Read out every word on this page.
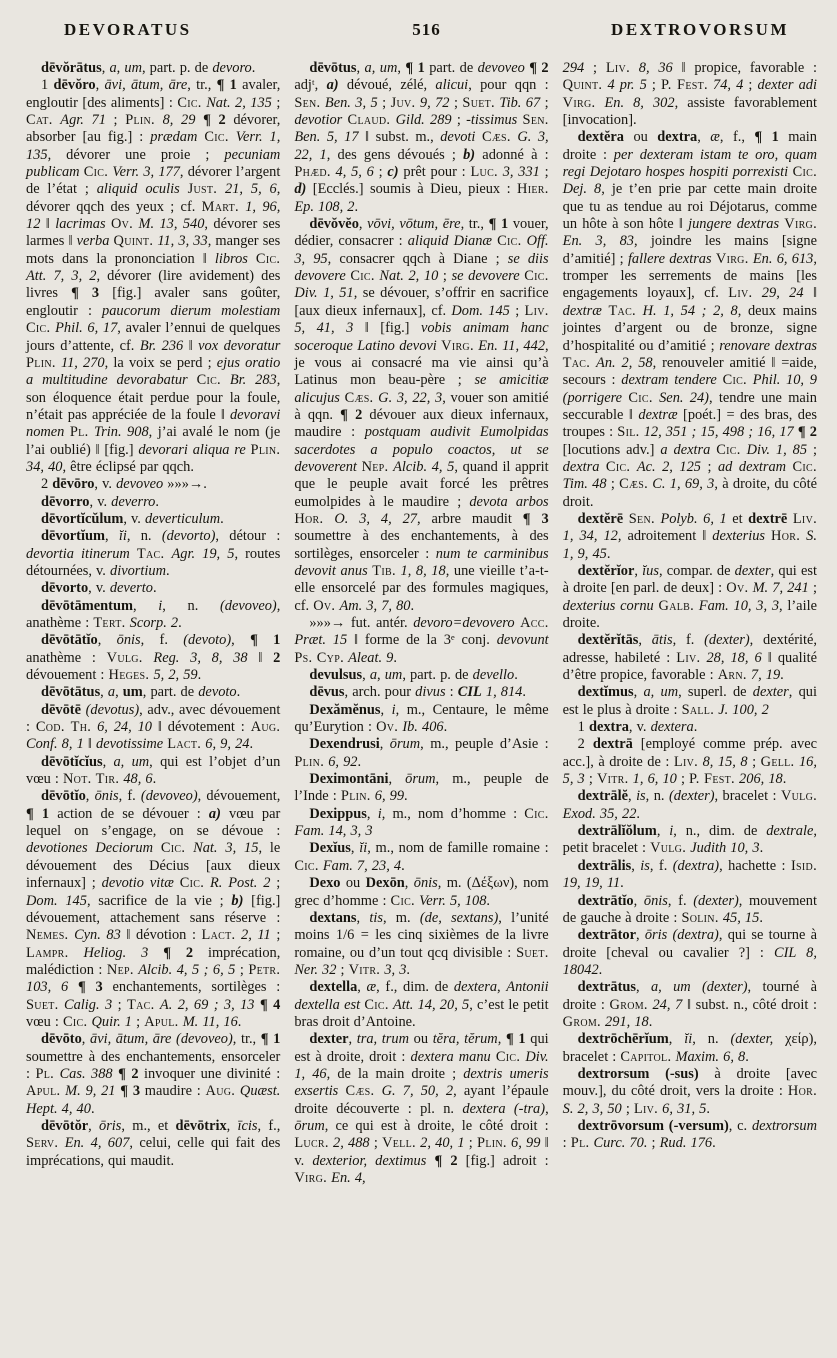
DEVORATUS	516	DEXTROVORSUM

dēvŏrātus, a, um, part. p. de devoro.

1 dēvŏro, āvi, ātum, āre, tr., ¶ 1 avaler, engloutir [des aliments] : Cic. Nat. 2, 135 ; Cat. Agr. 71 ; Plin. 8, 29 ¶ 2 dévorer, absorber [au fig.] : prædam Cic. Verr. 1, 135, dévorer une proie ; pecuniam publicam Cic. Verr. 3, 177, dévorer l’argent de l’état ; aliquid oculis Just. 21, 5, 6, dévorer qqch des yeux ; cf. Mart. 1, 96, 12 ‖ lacrimas Ov. M. 13, 540, dévorer ses larmes ‖ verba Quint. 11, 3, 33, manger ses mots dans la prononciation ‖ libros Cic. Att. 7, 3, 2, dévorer (lire avidement) des livres ¶ 3 [fig.] avaler sans goûter, engloutir : paucorum dierum molestiam Cic. Phil. 6, 17, avaler l’ennui de quelques jours d’attente, cf. Br. 236 ‖ vox devoratur Plin. 11, 270, la voix se perd ; ejus oratio a multitudine devorabatur Cic. Br. 283, son éloquence était perdue pour la foule, n’était pas appréciée de la foule ‖ devoravi nomen Pl. Trin. 908, j’ai avalé le nom (je l’ai oublié) ‖ [fig.] devorari aliqua re Plin. 34, 40, être éclipsé par qqch.

2 dēvōro, v. devoveo »»»→.

dēvorro, v. deverro.

dēvortĭcŭlum, v. deverticulum.

dēvortĭum, ĭi, n. (devorto), détour : devortia itinerum Tac. Agr. 19, 5, routes détournées, v. divortium.

dēvorto, v. deverto.

dēvōtāmentum, i, n. (devoveo), anathème : Tert. Scorp. 2.

dēvōtātĭo, ōnis, f. (devoto), ¶ 1 anathème : Vulg. Reg. 3, 8, 38 ‖ 2 dévouement : Heges. 5, 2, 59.

dēvōtātus, a, um, part. de devoto.

dēvōtē (devotus), adv., avec dévouement : Cod. Th. 6, 24, 10 ‖ dévotement : Aug. Conf. 8, 1 ‖ devotissime Lact. 6, 9, 24.

dēvōtĭcĭus, a, um, qui est l’objet d’un vœu : Not. Tir. 48, 6.

dēvōtĭo, ōnis, f. (devoveo), dévouement, ¶ 1 action de se dévouer : a) vœu par lequel on s’engage, on se dévoue : devotiones Deciorum Cic. Nat. 3, 15, le dévouement des Décius [aux dieux infernaux] ; devotio vitæ Cic. R. Post. 2 ; Dom. 145, sacrifice de la vie ; b) [fig.] dévouement, attachement sans réserve : Nemes. Cyn. 83 ‖ dévotion : Lact. 2, 11 ; Lampr. Heliog. 3 ¶ 2 imprécation, malédiction : Nep. Alcib. 4, 5 ; 6, 5 ; Petr. 103, 6 ¶ 3 enchantements, sortilèges : Suet. Calig. 3 ; Tac. A. 2, 69 ; 3, 13 ¶ 4 vœu : Cic. Quir. 1 ; Apul. M. 11, 16.

dēvōto, āvi, ātum, āre (devoveo), tr., ¶ 1 soumettre à des enchantements, ensorceler : Pl. Cas. 388 ¶ 2 invoquer une divinité : Apul. M. 9, 21 ¶ 3 maudire : Aug. Quæst. Hept. 4, 40.

dēvōtŏr, ōris, m., et dēvōtrix, īcis, f., Serv. En. 4, 607, celui, celle qui fait des imprécations, qui maudit.

dēvōtus, a, um, ¶ 1 part. de devoveo ¶ 2 adjᵗ, a) dévoué, zélé, alicui, pour qqn : Sen. Ben. 3, 5 ; Juv. 9, 72 ; Suet. Tib. 67 ; devotior Claud. Gild. 289 ; -tissimus Sen. Ben. 5, 17 ‖ subst. m., devoti Cæs. G. 3, 22, 1, des gens dévoués ; b) adonné à : Phæd. 4, 5, 6 ; c) prêt pour : Luc. 3, 331 ; d) [Ecclés.] soumis à Dieu, pieux : Hier. Ep. 108, 2.

dēvŏvĕo, vōvi, vōtum, ēre, tr., ¶ 1 vouer, dédier, consacrer : aliquid Dianæ Cic. Off. 3, 95, consacrer qqch à Diane ; se diis devovere Cic. Nat. 2, 10 ; se devovere Cic. Div. 1, 51, se dévouer, s’offrir en sacrifice [aux dieux infernaux], cf. Dom. 145 ; Liv. 5, 41, 3 ‖ [fig.] vobis animam hanc soceroque Latino devovi Virg. En. 11, 442, je vous ai consacré ma vie ainsi qu’à Latinus mon beau-père ; se amicitiæ alicujus Cæs. G. 3, 22, 3, vouer son amitié à qqn. ¶ 2 dévouer aux dieux infernaux, maudire : postquam audivit Eumolpidas sacerdotes a populo coactos, ut se devoverent Nep. Alcib. 4, 5, quand il apprit que le peuple avait forcé les prêtres eumolpides à le maudire ; devota arbos Hor. O. 3, 4, 27, arbre maudit ¶ 3 soumettre à des enchantements, à des sortilèges, ensorceler : num te carminibus devovit anus Tib. 1, 8, 18, une vieille t’a-t-elle ensorcelé par des formules magiques, cf. Ov. Am. 3, 7, 80.

»»»→ fut. antér. devoro=devovero Acc. Præt. 15 ‖ forme de la 3ᵉ conj. devovunt Ps. Cyp. Aleat. 9.

devulsus, a, um, part. p. de devello.

dēvus, arch. pour divus : CIL 1, 814.

Dexămĕnus, i, m., Centaure, le même qu’Eurytion : Ov. Ib. 406.

Dexendrusi, ōrum, m., peuple d’Asie : Plin. 6, 92.

Deximontāni, ōrum, m., peuple de l’Inde : Plin. 6, 99.

Dexippus, i, m., nom d’homme : Cic. Fam. 14, 3, 3

Dexĭus, ĭi, m., nom de famille romaine : Cic. Fam. 7, 23, 4.

Dexo ou Dexōn, ōnis, m. (Δέξων), nom grec d’homme : Cic. Verr. 5, 108.

dextans, tis, m. (de, sextans), l’unité moins 1/6 = les cinq sixièmes de la livre romaine, ou d’un tout qcq divisible : Suet. Ner. 32 ; Vitr. 3, 3.

dextella, æ, f., dim. de dextera, Antonii dextella est Cic. Att. 14, 20, 5, c’est le petit bras droit d’Antoine.

dexter, tra, trum ou tĕra, tĕrum, ¶ 1 qui est à droite, droit : dextera manu Cic. Div. 1, 46, de la main droite ; dextris umeris exsertis Cæs. G. 7, 50, 2, ayant l’épaule droite découverte : pl. n. dextera (-tra), ōrum, ce qui est à droite, le côté droit : Lucr. 2, 488 ; Vell. 2, 40, 1 ; Plin. 6, 99 ‖ v. dexterior, dextimus ¶ 2 [fig.] adroit : Virg. En. 4,

294 ; Liv. 8, 36 ‖ propice, favorable : Quint. 4 pr. 5 ; P. Fest. 74, 4 ; dexter adi Virg. En. 8, 302, assiste favorablement [invocation].

dextĕra ou dextra, æ, f., ¶ 1 main droite : per dexteram istam te oro, quam regi Dejotaro hospes hospiti porrexisti Cic. Dej. 8, je t’en prie par cette main droite que tu as tendue au roi Déjotarus, comme un hôte à son hôte ‖ jungere dextras Virg. En. 3, 83, joindre les mains [signe d’amitié] ; fallere dextras Virg. En. 6, 613, tromper les serrements de mains [les engagements loyaux], cf. Liv. 29, 24 ‖ dextræ Tac. H. 1, 54 ; 2, 8, deux mains jointes d’argent ou de bronze, signe d’hospitalité ou d’amitié ; renovare dextras Tac. An. 2, 58, renouveler amitié ‖ =aide, secours : dextram tendere Cic. Phil. 10, 9 (porrigere Cic. Sen. 24), tendre une main seccurable ‖ dextræ [poét.] = des bras, des troupes : Sil. 12, 351 ; 15, 498 ; 16, 17 ¶ 2 [locutions adv.] a dextra Cic. Div. 1, 85 ; dextra Cic. Ac. 2, 125 ; ad dextram Cic. Tim. 48 ; Cæs. C. 1, 69, 3, à droite, du côté droit.

dextĕrē Sen. Polyb. 6, 1 et dextrē Liv. 1, 34, 12, adroitement ‖ dexterius Hor. S. 1, 9, 45.

dextĕrĭor, ĭus, compar. de dexter, qui est à droite [en parl. de deux] : Ov. M. 7, 241 ; dexterius cornu Galb. Fam. 10, 3, 3, l’aile droite.

dextĕrĭtās, ātis, f. (dexter), dextérité, adresse, habileté : Liv. 28, 18, 6 ‖ qualité d’être propice, favorable : Arn. 7, 19.

dextĭmus, a, um, superl. de dexter, qui est le plus à droite : Sall. J. 100, 2

1 dextra, v. dextera.

2 dextrā [employé comme prép. avec acc.], à droite de : Liv. 8, 15, 8 ; Gell. 16, 5, 3 ; Vitr. 1, 6, 10 ; P. Fest. 206, 18.

dextrālĕ, is, n. (dexter), bracelet : Vulg. Exod. 35, 22.

dextrālĭŏlum, i, n., dim. de dextrale, petit bracelet : Vulg. Judith 10, 3.

dextrālis, is, f. (dextra), hachette : Isid. 19, 19, 11.

dextrātĭo, ōnis, f. (dexter), mouvement de gauche à droite : Solin. 45, 15.

dextrātor, ōris (dextra), qui se tourne à droite [cheval ou cavalier ?] : CIL 8, 18042.

dextrātus, a, um (dexter), tourné à droite : Grom. 24, 7 ‖ subst. n., côté droit : Grom. 291, 18.

dextrōchērĭum, ĭi, n. (dexter, χείρ), bracelet : Capitol. Maxim. 6, 8.

dextrorsum (-sus) à droite [avec mouv.], du côté droit, vers la droite : Hor. S. 2, 3, 50 ; Liv. 6, 31, 5.

dextrōvorsum (-versum), c. dextrorsum : Pl. Curc. 70. ; Rud. 176.
